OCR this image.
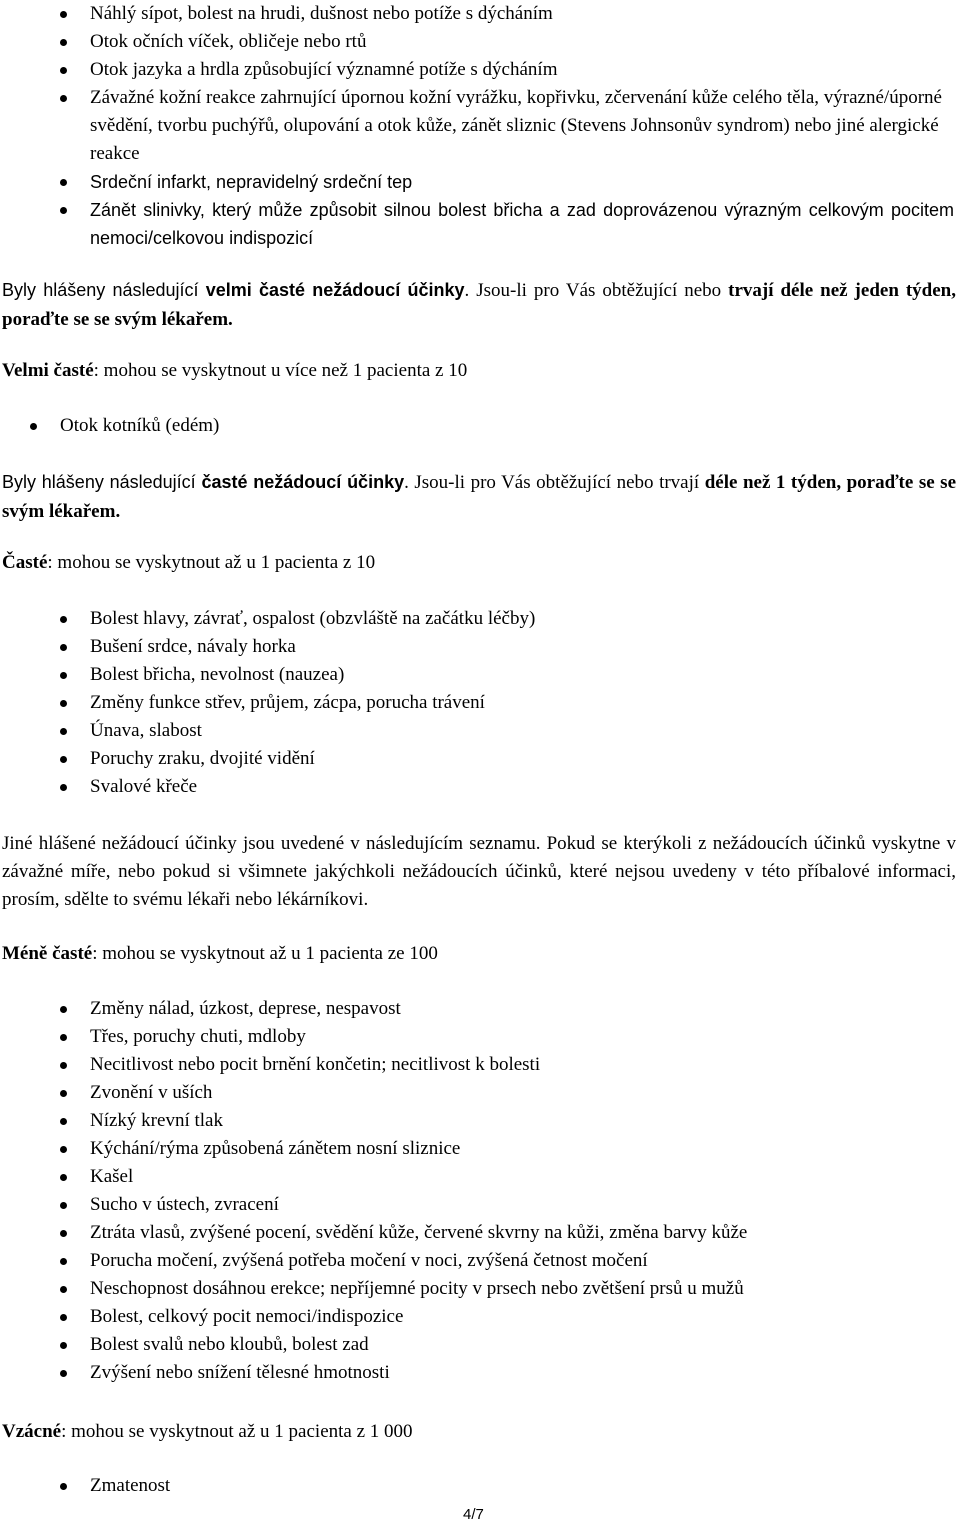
Náhlý sípot, bolest na hrudi, dušnost nebo potíže s dýcháním
Otok očních víček, obličeje nebo rtů
Otok jazyka a hrdla způsobující významné potíže s dýcháním
Závažné kožní reakce zahrnující úpornou kožní vyrážku, kopřivku, zčervenání kůže celého těla, výrazné/úporné svědění, tvorbu puchýřů, olupování a otok kůže, zánět sliznic (Stevens Johnsonův syndrom) nebo jiné alergické reakce
Srdeční infarkt, nepravidelný srdeční tep
Zánět slinivky, který může způsobit silnou bolest břicha a zad doprovázenou výrazným celkovým pocitem nemoci/celkovou indispozicí

Byly hlášeny následující velmi časté nežádoucí účinky. Jsou-li pro Vás obtěžující nebo trvají déle než jeden týden, poraďte se se svým lékařem.

Velmi časté: mohou se vyskytnout u více než 1 pacienta z 10
Otok kotníků (edém)

Byly hlášeny následující časté nežádoucí účinky. Jsou-li pro Vás obtěžující nebo trvají déle než 1 týden, poraďte se se svým lékařem.

Časté: mohou se vyskytnout až u 1 pacienta z 10
Bolest hlavy, závrať, ospalost (obzvláště na začátku léčby)
Bušení srdce, návaly horka
Bolest břicha, nevolnost (nauzea)
Změny funkce střev, průjem, zácpa, porucha trávení
Únava, slabost
Poruchy zraku, dvojité vidění
Svalové křeče

Jiné hlášené nežádoucí účinky jsou uvedené v následujícím seznamu. Pokud se kterýkoli z nežádoucích účinků vyskytne v závažné míře, nebo pokud si všimnete jakýchkoli nežádoucích účinků, které nejsou uvedeny v této příbalové informaci, prosím, sdělte to svému lékaři nebo lékárníkovi.

Méně časté: mohou se vyskytnout až u 1 pacienta ze 100
Změny nálad, úzkost, deprese, nespavost
Třes, poruchy chuti, mdloby
Necitlivost nebo pocit brnění končetin; necitlivost k bolesti
Zvonění v uších
Nízký krevní tlak
Kýchání/rýma způsobená zánětem nosní sliznice
Kašel
Sucho v ústech, zvracení
Ztráta vlasů, zvýšené pocení, svědění kůže, červené skvrny na kůži, změna barvy kůže
Porucha močení, zvýšená potřeba močení v noci, zvýšená četnost močení
Neschopnost dosáhnou erekce; nepříjemné pocity v prsech nebo zvětšení prsů u mužů
Bolest, celkový pocit nemoci/indispozice
Bolest svalů nebo kloubů, bolest zad
Zvýšení nebo snížení tělesné hmotnosti
Vzácné: mohou se vyskytnout až u 1 pacienta z 1 000
Zmatenost
4/7
